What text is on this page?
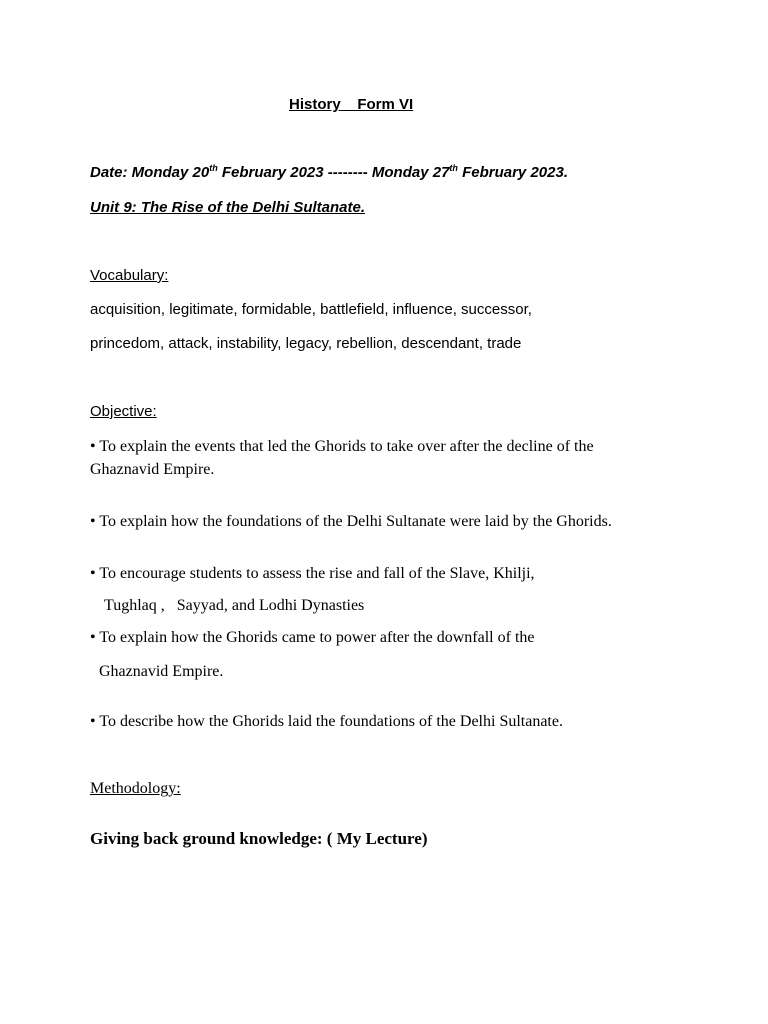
History Form VI
Date: Monday 20th February 2023 -------- Monday 27th February 2023.
Unit 9: The Rise of the Delhi Sultanate.
Vocabulary:
acquisition, legitimate, formidable, battlefield, influence, successor,
princedom, attack, instability, legacy, rebellion, descendant, trade
Objective:
• To explain the events that led the Ghorids to take over after the decline of the
Ghaznavid Empire.
• To explain how the foundations of the Delhi Sultanate were laid by the Ghorids.
• To encourage students to assess the rise and fall of the Slave, Khilji,
Tughlaq ,   Sayyad, and Lodhi Dynasties
• To explain how the Ghorids came to power after the downfall of the
Ghaznavid Empire.
• To describe how the Ghorids laid the foundations of the Delhi Sultanate.
Methodology:
Giving back ground knowledge: ( My Lecture)
